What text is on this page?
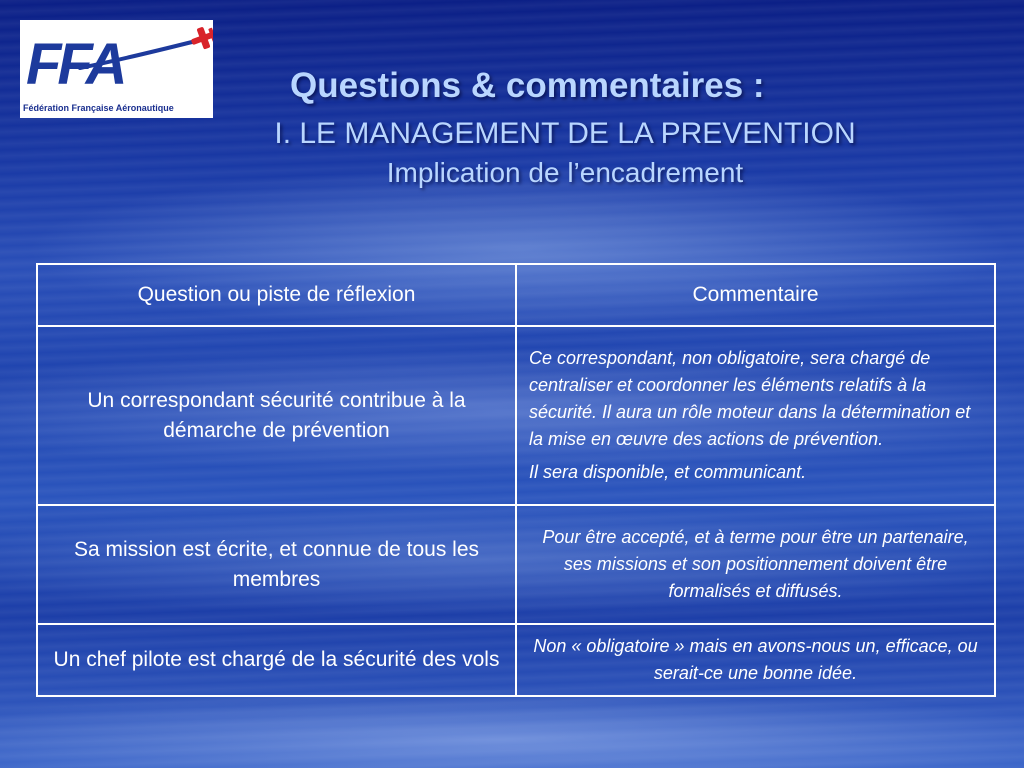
FFA
Fédération Française Aéronautique
Questions & commentaires :
I. LE MANAGEMENT DE LA PREVENTION
Implication de l’encadrement
Question ou piste de réflexion	Commentaire
Un correspondant sécurité contribue à la démarche de prévention	Ce correspondant, non obligatoire, sera chargé de centraliser et coordonner les éléments relatifs à la sécurité. Il aura un rôle moteur dans la détermination et la mise en œuvre des actions de prévention.

Il sera disponible, et communicant.

Sa mission est écrite, et connue de tous les membres	Pour être accepté, et à terme pour être un partenaire, ses missions et son positionnement doivent être formalisés et diffusés.

Un chef pilote est chargé de la sécurité des vols	Non « obligatoire » mais en avons-nous un, efficace, ou serait-ce une bonne idée.
